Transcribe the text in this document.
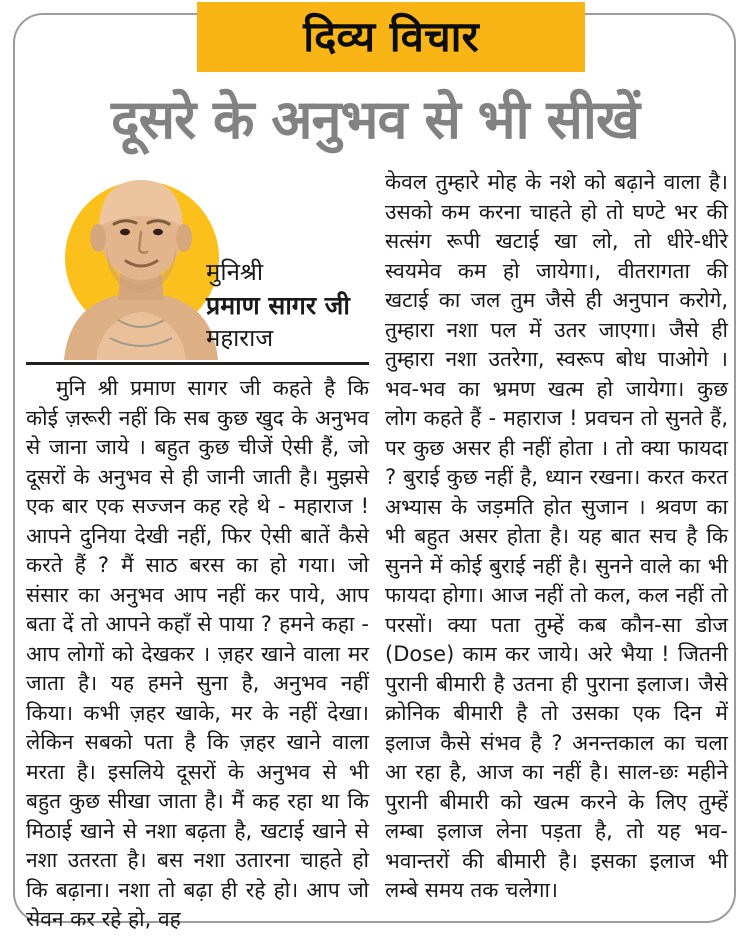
दिव्य विचार
दूसरे के अनुभव से भी सीखें
मुनिश्री
प्रमाण सागर जी
महाराज

मुनि श्री प्रमाण सागर जी कहते है कि कोई ज़रूरी नहीं कि सब कुछ खुद के अनुभव से जाना जाये । बहुत कुछ चीजें ऐसी हैं, जो दूसरों के अनुभव से ही जानी जाती है। मुझसे एक बार एक सज्जन कह रहे थे - महाराज ! आपने दुनिया देखी नहीं, फिर ऐसी बातें कैसे करते हैं ? मैं साठ बरस का हो गया। जो संसार का अनुभव आप नहीं कर पाये, आप बता दें तो आपने कहाँ से पाया ? हमने कहा - आप लोगों को देखकर । ज़हर खाने वाला मर जाता है। यह हमने सुना है, अनुभव नहीं किया। कभी ज़हर खाके, मर के नहीं देखा। लेकिन सबको पता है कि ज़हर खाने वाला मरता है। इसलिये दूसरों के अनुभव से भी बहुत कुछ सीखा जाता है। मैं कह रहा था कि मिठाई खाने से नशा बढ़ता है, खटाई खाने से नशा उतरता है। बस नशा उतारना चाहते हो कि बढ़ाना। नशा तो बढ़ा ही रहे हो। आप जो सेवन कर रहे हो, वह

केवल तुम्हारे मोह के नशे को बढ़ाने वाला है। उसको कम करना चाहते हो तो घण्टे भर की सत्संग रूपी खटाई खा लो, तो धीरे-धीरे स्वयमेव कम हो जायेगा।, वीतरागता की खटाई का जल तुम जैसे ही अनुपान करोगे, तुम्हारा नशा पल में उतर जाएगा। जैसे ही तुम्हारा नशा उतरेगा, स्वरूप बोध पाओगे । भव-भव का भ्रमण खत्म हो जायेगा। कुछ लोग कहते हैं - महाराज ! प्रवचन तो सुनते हैं, पर कुछ असर ही नहीं होता । तो क्या फायदा ? बुराई कुछ नहीं है, ध्यान रखना। करत करत अभ्यास के जड़मति होत सुजान । श्रवण का भी बहुत असर होता है। यह बात सच है कि सुनने में कोई बुराई नहीं है। सुनने वाले का भी फायदा होगा। आज नहीं तो कल, कल नहीं तो परसों। क्या पता तुम्हें कब कौन-सा डोज (Dose) काम कर जाये। अरे भैया ! जितनी पुरानी बीमारी है उतना ही पुराना इलाज। जैसे क्रोनिक बीमारी है तो उसका एक दिन में इलाज कैसे संभव है ? अनन्तकाल का चला आ रहा है, आज का नहीं है। साल-छः महीने पुरानी बीमारी को खत्म करने के लिए तुम्हें लम्बा इलाज लेना पड़ता है, तो यह भव-भवान्तरों की बीमारी है। इसका इलाज भी लम्बे समय तक चलेगा।
